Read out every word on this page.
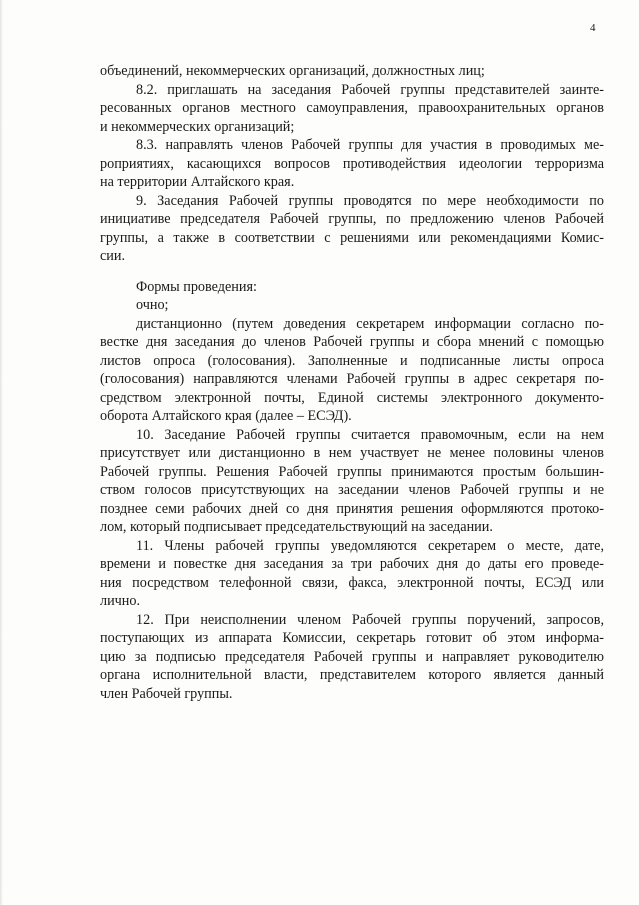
4
объединений, некоммерческих организаций, должностных лиц;
8.2. приглашать на заседания Рабочей группы представителей заинте-
ресованных органов местного самоуправления, правоохранительных органов
и некоммерческих организаций;
8.3. направлять членов Рабочей группы для участия в проводимых ме-
роприятиях, касающихся вопросов противодействия идеологии терроризма
на территории Алтайского края.
9. Заседания Рабочей группы проводятся по мере необходимости по
инициативе председателя Рабочей группы, по предложению членов Рабочей
группы, а также в соответствии с решениями или рекомендациями Комис-
сии.
Формы проведения:
очно;
дистанционно (путем доведения секретарем информации согласно по-
вестке дня заседания до членов Рабочей группы и сбора мнений с помощью
листов опроса (голосования). Заполненные и подписанные листы опроса
(голосования) направляются членами Рабочей группы в адрес секретаря по-
средством электронной почты, Единой системы электронного документо-
оборота Алтайского края (далее – ЕСЭД).
10. Заседание Рабочей группы считается правомочным, если на нем
присутствует или дистанционно в нем участвует не менее половины членов
Рабочей группы. Решения Рабочей группы принимаются простым большин-
ством голосов присутствующих на заседании членов Рабочей группы и не
позднее семи рабочих дней со дня принятия решения оформляются протоко-
лом, который подписывает председательствующий на заседании.
11. Члены рабочей группы уведомляются секретарем о месте, дате,
времени и повестке дня заседания за три рабочих дня до даты его проведе-
ния посредством телефонной связи, факса, электронной почты, ЕСЭД или
лично.
12. При неисполнении членом Рабочей группы поручений, запросов,
поступающих из аппарата Комиссии, секретарь готовит об этом информа-
цию за подписью председателя Рабочей группы и направляет руководителю
органа исполнительной власти, представителем которого является данный
член Рабочей группы.
